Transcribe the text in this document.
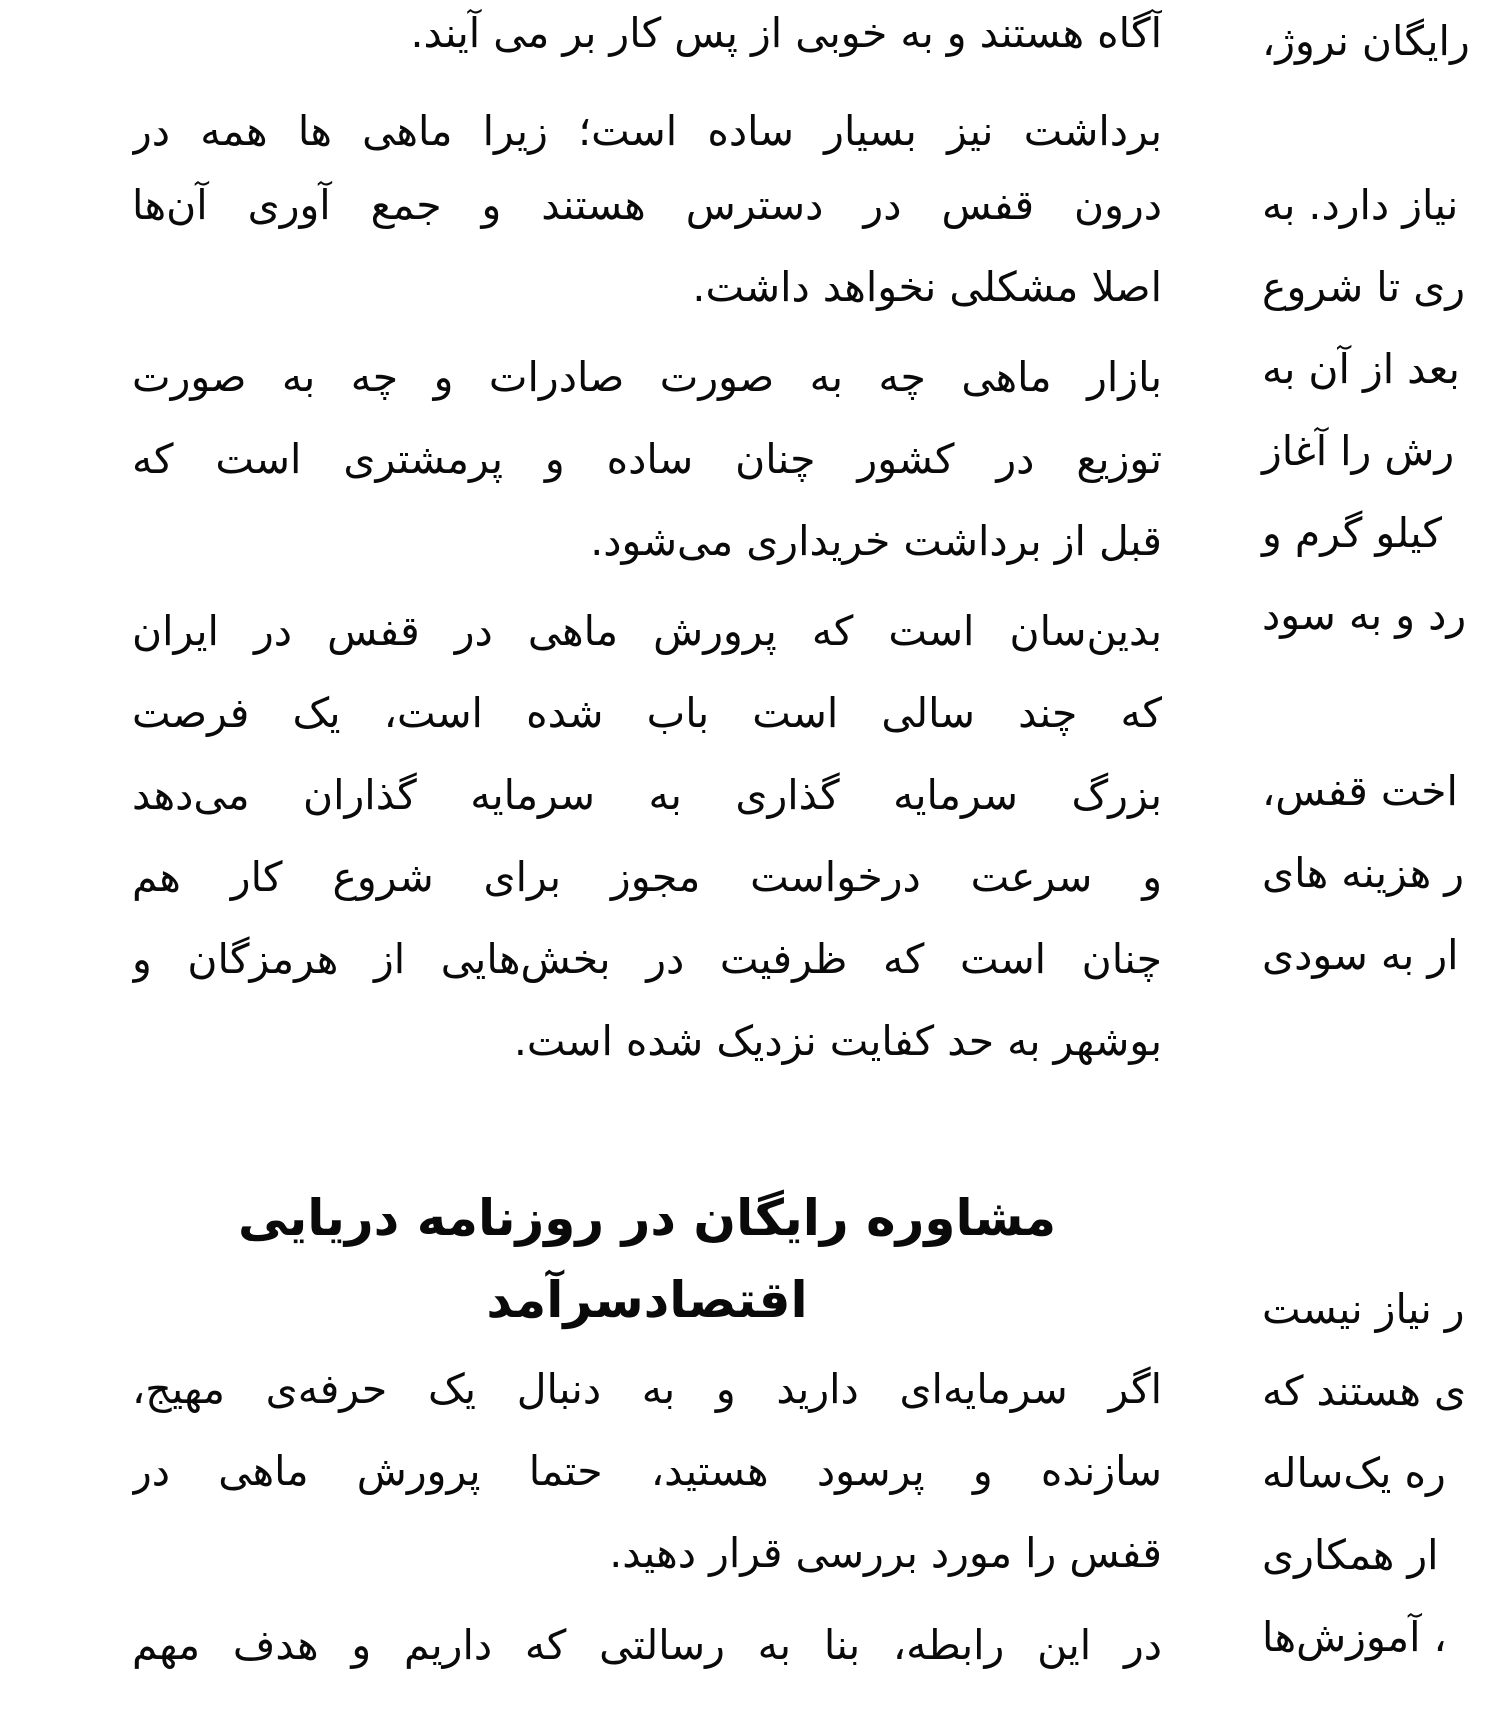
رایگان نروژ،
نیاز دارد. به
ری تا شروع
بعد از آن به
رش را آغاز
کیلو گرم و
رد و به سود
اخت قفس،
ر هزینه های
ار به سودی
ر نیاز نیست
ی هستند که
ره یک‌ساله
ار همکاری
، آموزش‌ها
آگاه هستند و به خوبی از پس کار بر می آیند.
برداشت نیز بسیار ساده است؛ زیرا ماهی ها همه در
درون قفس در دسترس هستند و جمع آوری آن‌ها
اصلا مشکلی نخواهد داشت.
بازار ماهی چه به صورت صادرات و چه به صورت
توزیع در کشور چنان ساده و پرمشتری است که
قبل از برداشت خریداری می‌شود.
بدین‌سان است که پرورش ماهی در قفس در ایران
که چند سالی است باب شده است، یک فرصت
بزرگ سرمایه گذاری به سرمایه گذاران می‌دهد
و سرعت درخواست مجوز برای شروع کار هم
چنان است که ظرفیت در بخش‌هایی از هرمزگان و
بوشهر به حد کفایت نزدیک شده است.
مشاوره رایگان در روزنامه دریایی
اقتصادسرآمد
اگر سرمایه‌ای دارید و به دنبال یک حرفه‌ی مهیج،
سازنده و پرسود هستید، حتما پرورش ماهی در
قفس را مورد بررسی قرار دهید.
در این رابطه، بنا به رسالتی که داریم و هدف مهم
